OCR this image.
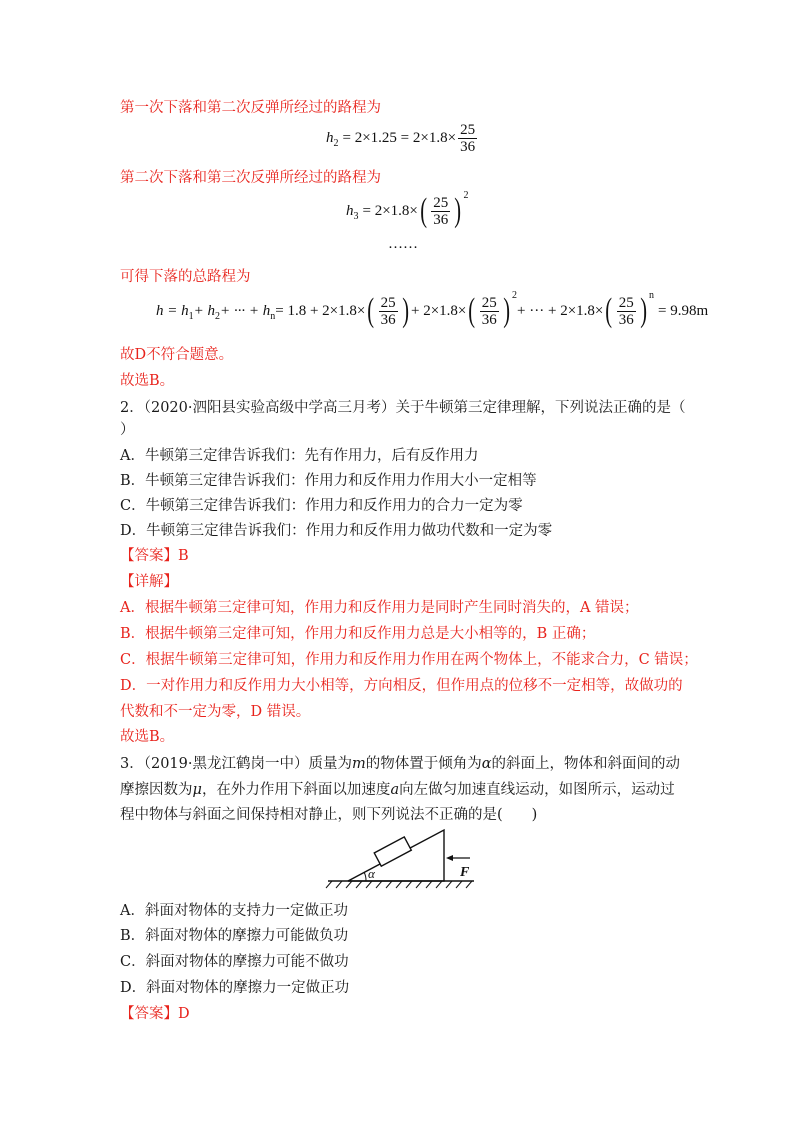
第一次下落和第二次反弹所经过的路程为
h $2 = 2\times 1.25 = 2\times 1.8\times \frac{25}{36}$
第二次下落和第三次反弹所经过的路程为
h 3 = 2×1.8× ( $\frac{25}{36}$ ) 2
……
可得下落的总路程为
h = h 1 + h 2 + ··· + h n = 1.8 + 2×1.8× ( $\frac{25}{36}$ ) + 2×1.8× ( $\frac{25}{36}$ ) 2
+ ··· + 2×1.8× ( $\frac{25}{36}$ ) n
= 9.98m
故D不符合题意。
故选B。
2．（2020·泗阳县实验高级中学高三月考）关于牛顿第三定律理解，下列说法正确的是（
）
A．牛顿第三定律告诉我们：先有作用力，后有反作用力
B．牛顿第三定律告诉我们：作用力和反作用力作用大小一定相等
C．牛顿第三定律告诉我们：作用力和反作用力的合力一定为零
D．牛顿第三定律告诉我们：作用力和反作用力做功代数和一定为零
【答案】B
【详解】
A．根据牛顿第三定律可知，作用力和反作用力是同时产生同时消失的，A 错误；
B．根据牛顿第三定律可知，作用力和反作用力总是大小相等的，B 正确；
C．根据牛顿第三定律可知，作用力和反作用力作用在两个物体上，不能求合力，C 错误；
D．一对作用力和反作用力大小相等，方向相反，但作用点的位移不一定相等，故做功的
代数和不一定为零，D 错误。
故选B。
3．（2019·黑龙江鹤岗一中）质量为m的物体置于倾角为α的斜面上，物体和斜面间的动
摩擦因数为μ，在外力作用下斜面以加速度a向左做匀加速直线运动，如图所示，运动过
程中物体与斜面之间保持相对静止，则下列说法不正确的是(　　)
α	F
A．斜面对物体的支持力一定做正功
B．斜面对物体的摩擦力可能做负功
C．斜面对物体的摩擦力可能不做功
D．斜面对物体的摩擦力一定做正功
【答案】D
